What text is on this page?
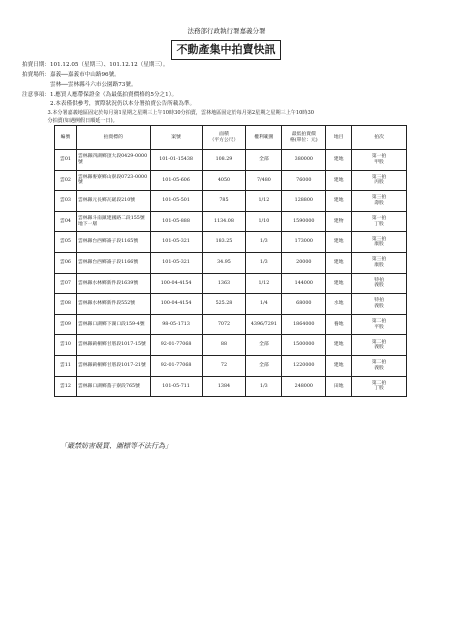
法務部行政執行署嘉義分署
不動產集中拍賣快訊
拍賣日期：101.12.05（星期三）、101.12.12（星期三）。
拍賣場所：嘉義──嘉義市中山路96號。
　　　　　雲林──雲林縣斗六市公園路73號。
注意事項：1.應買人應帶保證金（為最低拍賣價格的5分之1）。
　　　　　2.本表僅供參考，實際狀況仍以本分署拍賣公告所載為準。
　　　　　3.本分署嘉義地區固定於每月第1星期之星期三上午10時30分拍賣，雲林地區固定於每月第2星期之星期三上午10時30
　　　　　分拍賣(如遇例假日順延一日)。
編號	拍賣標的	案號	面積
（平方公尺）	權利範圍	最低拍賣價
格(單位：元)	地目	拍次
雲01	雲林縣四湖鄉頂大段0429-0000號	101-01-15438	108.29	全部	380000	建地	第一拍
甲股
雲02	雲林縣麥寮鄉山寮段0723-0000號	101-05-606	4050	7/480	76000	建地	第三拍
丙股
雲03	雲林縣元長鄉瓦磘段210號	101-05-501	785	1/12	128800	建地	第三拍
壽股
雲04	雲林縣斗南鎮建國路二段155號地下一層	101-05-888	1134.08	1/10	1590000	建物	第一拍
丁股
雲05	雲林縣台西鄉崙子段1165號	101-05-321	183.25	1/3	173000	建地	第三拍
康股
雲06	雲林縣台西鄉崙子段1166號	101-05-321	34.95	1/3	20000	建地	第三拍
康股
雲07	雲林縣水林鄉新件段1639號	100-04-4154	1363	1/12	144000	建地	特拍
義股
雲08	雲林縣水林鄉新件段552號	100-04-4154	525.28	1/4	68000	水地	特拍
義股
雲09	雲林縣口湖鄉下湖口段159-4號	98-05-1713	7072	4396/7291	1864000	養地	第二拍
平股
雲10	雲林縣莿桐鄉甘厝段1017-15號	92-01-77068	88	全部	1500000	建地	第二拍
義股
雲11	雲林縣莿桐鄉甘厝段1017-21號	92-01-77068	72	全部	1220000	建地	第二拍
義股
雲12	雲林縣口湖鄉蔦子寮段765號	101-05-711	1384	1/3	248000	田地	第二拍
丁股
「嚴禁妨害競買、圍標等不法行為」
